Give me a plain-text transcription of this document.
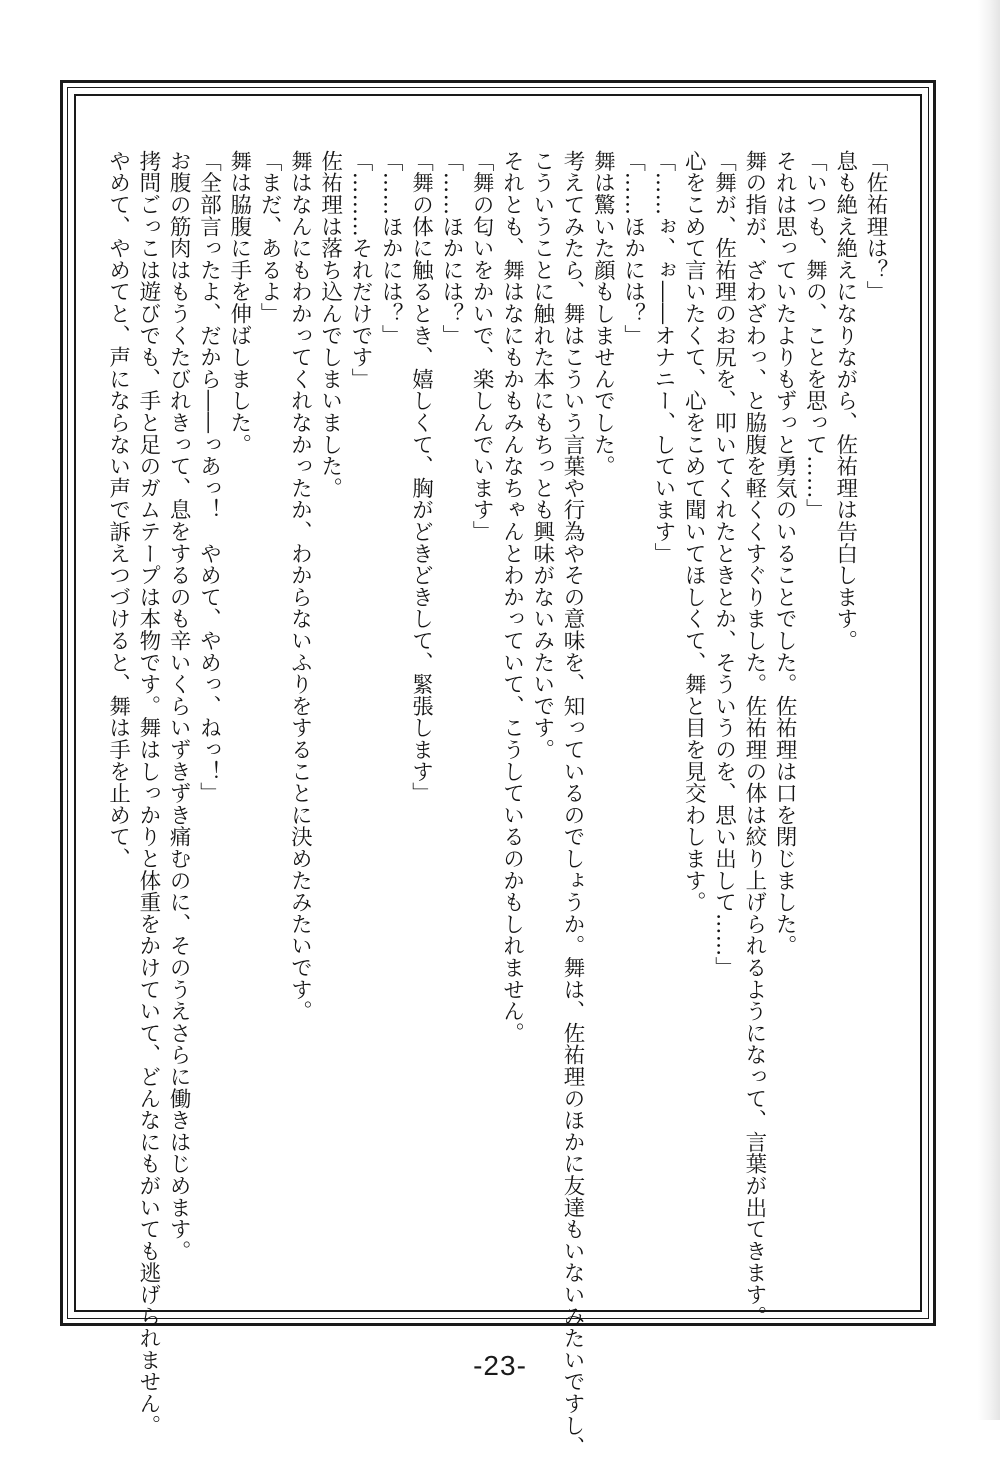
「佐祐理は？」

息も絶え絶えになりながら、佐祐理は告白します。

「いつも、舞の、ことを思って……」

それは思っていたよりもずっと勇気のいることでした。佐祐理は口を閉じました。

舞の指が、ざわざわっ、と脇腹を軽くくすぐりました。佐祐理の体は絞り上げられるようになって、言葉が出てきます。

「舞が、佐祐理のお尻を、叩いてくれたときとか、そういうのを、思い出して……」

心をこめて言いたくて、心をこめて聞いてほしくて、舞と目を見交わします。

「……ぉ、ぉ――オナニー、しています」

「……ほかには？」

舞は驚いた顔もしませんでした。

考えてみたら、舞はこういう言葉や行為やその意味を、知っているのでしょうか。舞は、佐祐理のほかに友達もいないみたいですし、

こういうことに触れた本にもちっとも興味がないみたいです。

それとも、舞はなにもかもみんなちゃんとわかっていて、こうしているのかもしれません。

「舞の匂いをかいで、楽しんでいます」

「……ほかには？」

「舞の体に触るとき、嬉しくて、胸がどきどきして、緊張します」

「……ほかには？」

「………それだけです」

佐祐理は落ち込んでしまいました。

舞はなんにもわかってくれなかったか、わからないふりをすることに決めたみたいです。

「まだ、あるよ」

舞は脇腹に手を伸ばしました。

「全部言ったよ、だから――っあっ！　やめて、やめっ、ねっ！」

お腹の筋肉はもうくたびれきって、息をするのも辛いくらいずきずき痛むのに、そのうえさらに働きはじめます。

拷問ごっこは遊びでも、手と足のガムテープは本物です。舞はしっかりと体重をかけていて、どんなにもがいても逃げられません。

やめて、やめてと、声にならない声で訴えつづけると、舞は手を止めて、

-23-
